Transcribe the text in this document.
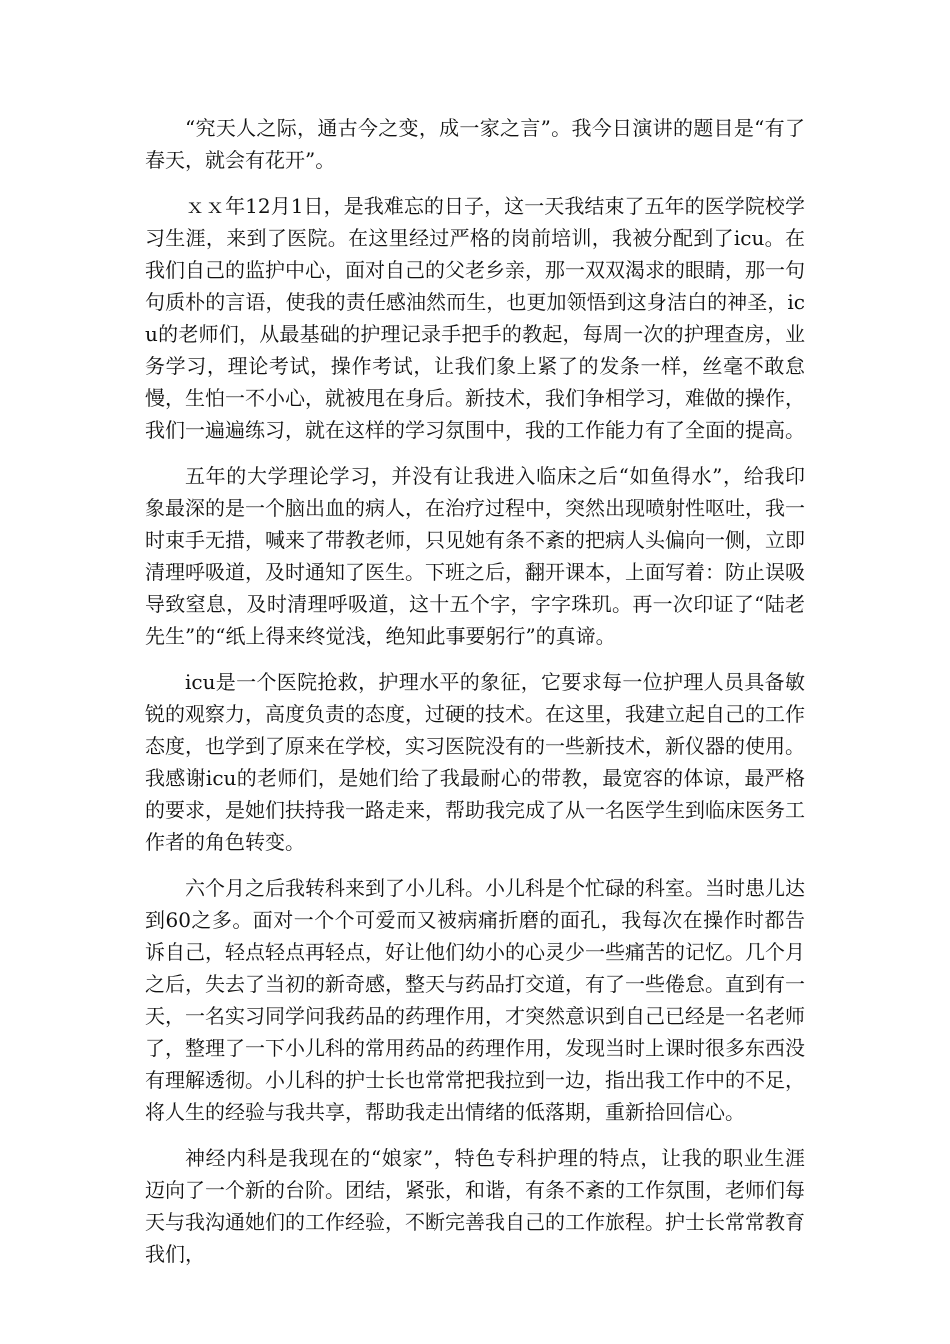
“究天人之际，通古今之变，成一家之言”。我今日演讲的题目是“有了春天，就会有花开”。

ｘｘ年12月1日，是我难忘的日子，这一天我结束了五年的医学院校学习生涯，来到了医院。在这里经过严格的岗前培训，我被分配到了icu。在我们自己的监护中心，面对自己的父老乡亲，那一双双渴求的眼睛，那一句句质朴的言语，使我的责任感油然而生，也更加领悟到这身洁白的神圣，icu的老师们，从最基础的护理记录手把手的教起，每周一次的护理查房，业务学习，理论考试，操作考试，让我们象上紧了的发条一样，丝毫不敢怠慢，生怕一不小心，就被甩在身后。新技术，我们争相学习，难做的操作，我们一遍遍练习，就在这样的学习氛围中，我的工作能力有了全面的提高。

五年的大学理论学习，并没有让我进入临床之后“如鱼得水”，给我印象最深的是一个脑出血的病人，在治疗过程中，突然出现喷射性呕吐，我一时束手无措，喊来了带教老师，只见她有条不紊的把病人头偏向一侧，立即清理呼吸道，及时通知了医生。下班之后，翻开课本，上面写着：防止误吸导致窒息，及时清理呼吸道，这十五个字，字字珠玑。再一次印证了“陆老先生”的“纸上得来终觉浅，绝知此事要躬行”的真谛。

icu是一个医院抢救，护理水平的象征，它要求每一位护理人员具备敏锐的观察力，高度负责的态度，过硬的技术。在这里，我建立起自己的工作态度，也学到了原来在学校，实习医院没有的一些新技术，新仪器的使用。我感谢icu的老师们，是她们给了我最耐心的带教，最宽容的体谅，最严格的要求，是她们扶持我一路走来，帮助我完成了从一名医学生到临床医务工作者的角色转变。

六个月之后我转科来到了小儿科。小儿科是个忙碌的科室。当时患儿达到60之多。面对一个个可爱而又被病痛折磨的面孔，我每次在操作时都告诉自己，轻点轻点再轻点，好让他们幼小的心灵少一些痛苦的记忆。几个月之后，失去了当初的新奇感，整天与药品打交道，有了一些倦怠。直到有一天，一名实习同学问我药品的药理作用，才突然意识到自己已经是一名老师了，整理了一下小儿科的常用药品的药理作用，发现当时上课时很多东西没有理解透彻。小儿科的护士长也常常把我拉到一边，指出我工作中的不足，将人生的经验与我共享，帮助我走出情绪的低落期，重新拾回信心。

神经内科是我现在的“娘家”，特色专科护理的特点，让我的职业生涯迈向了一个新的台阶。团结，紧张，和谐，有条不紊的工作氛围，老师们每天与我沟通她们的工作经验，不断完善我自己的工作旅程。护士长常常教育我们，
